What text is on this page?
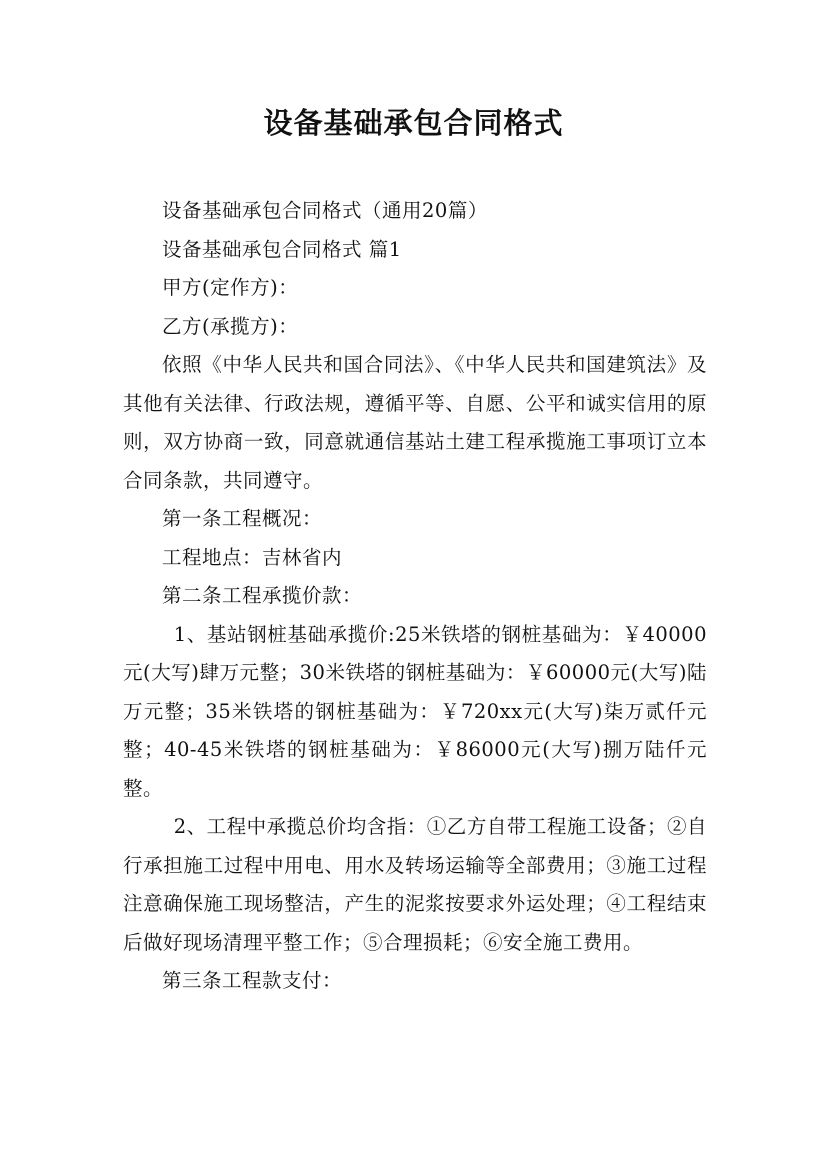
设备基础承包合同格式

设备基础承包合同格式（通用20篇）

设备基础承包合同格式 篇1

甲方(定作方)：

乙方(承揽方)：

依照《中华人民共和国合同法》、《中华人民共和国建筑法》及其他有关法律、行政法规，遵循平等、自愿、公平和诚实信用的原则，双方协商一致，同意就通信基站土建工程承揽施工事项订立本合同条款，共同遵守。

第一条工程概况：

工程地点：吉林省内

第二条工程承揽价款：

1、基站钢桩基础承揽价:25米铁塔的钢桩基础为：￥40000元(大写)肆万元整；30米铁塔的钢桩基础为：￥60000元(大写)陆万元整；35米铁塔的钢桩基础为：￥720xx元(大写)柒万贰仟元整；40-45米铁塔的钢桩基础为：￥86000元(大写)捌万陆仟元整。

2、工程中承揽总价均含指：①乙方自带工程施工设备；②自行承担施工过程中用电、用水及转场运输等全部费用；③施工过程注意确保施工现场整洁，产生的泥浆按要求外运处理；④工程结束后做好现场清理平整工作；⑤合理损耗；⑥安全施工费用。

第三条工程款支付：
